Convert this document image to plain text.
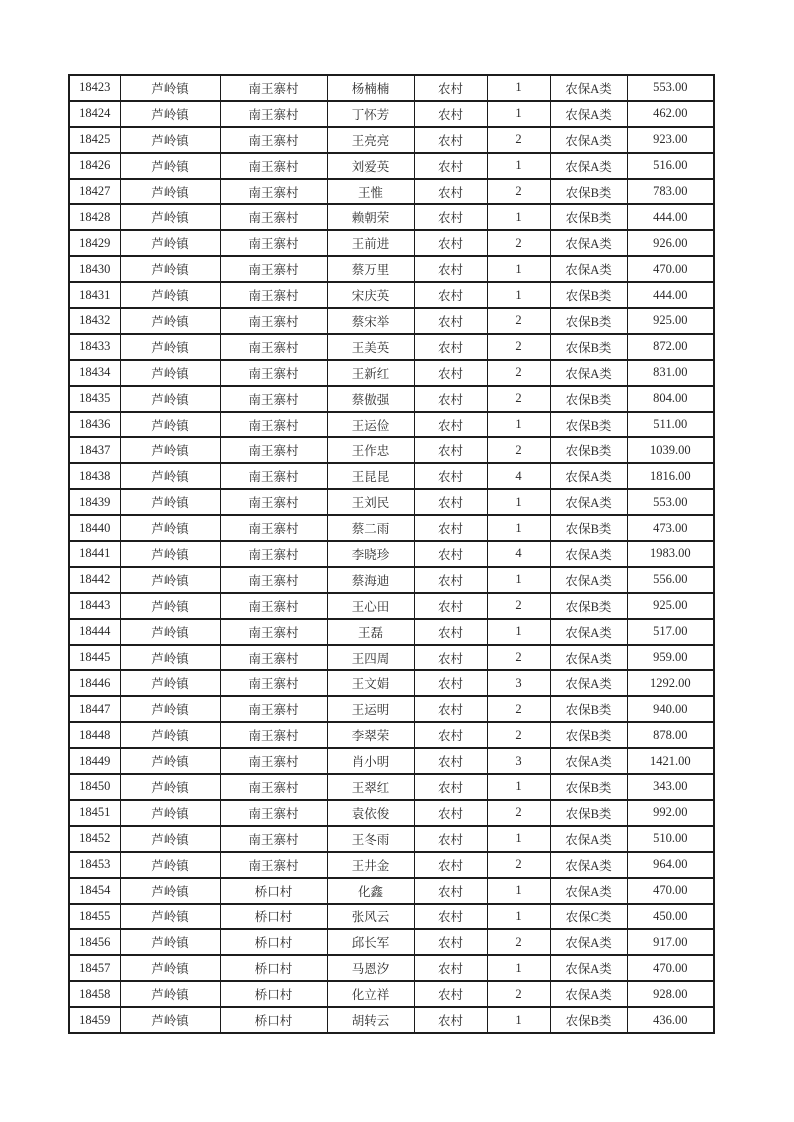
18423	芦岭镇	南王寨村	杨楠楠	农村	1	农保A类	553.00
18424	芦岭镇	南王寨村	丁怀芳	农村	1	农保A类	462.00
18425	芦岭镇	南王寨村	王亮亮	农村	2	农保A类	923.00
18426	芦岭镇	南王寨村	刘爱英	农村	1	农保A类	516.00
18427	芦岭镇	南王寨村	王惟	农村	2	农保B类	783.00
18428	芦岭镇	南王寨村	赖朝荣	农村	1	农保B类	444.00
18429	芦岭镇	南王寨村	王前进	农村	2	农保A类	926.00
18430	芦岭镇	南王寨村	蔡万里	农村	1	农保A类	470.00
18431	芦岭镇	南王寨村	宋庆英	农村	1	农保B类	444.00
18432	芦岭镇	南王寨村	蔡宋举	农村	2	农保B类	925.00
18433	芦岭镇	南王寨村	王美英	农村	2	农保B类	872.00
18434	芦岭镇	南王寨村	王新红	农村	2	农保A类	831.00
18435	芦岭镇	南王寨村	蔡傲强	农村	2	农保B类	804.00
18436	芦岭镇	南王寨村	王运俭	农村	1	农保B类	511.00
18437	芦岭镇	南王寨村	王作忠	农村	2	农保B类	1039.00
18438	芦岭镇	南王寨村	王昆昆	农村	4	农保A类	1816.00
18439	芦岭镇	南王寨村	王刘民	农村	1	农保A类	553.00
18440	芦岭镇	南王寨村	蔡二雨	农村	1	农保B类	473.00
18441	芦岭镇	南王寨村	李晓珍	农村	4	农保A类	1983.00
18442	芦岭镇	南王寨村	蔡海迪	农村	1	农保A类	556.00
18443	芦岭镇	南王寨村	王心田	农村	2	农保B类	925.00
18444	芦岭镇	南王寨村	王磊	农村	1	农保A类	517.00
18445	芦岭镇	南王寨村	王四周	农村	2	农保A类	959.00
18446	芦岭镇	南王寨村	王文娟	农村	3	农保A类	1292.00
18447	芦岭镇	南王寨村	王运明	农村	2	农保B类	940.00
18448	芦岭镇	南王寨村	李翠荣	农村	2	农保B类	878.00
18449	芦岭镇	南王寨村	肖小明	农村	3	农保A类	1421.00
18450	芦岭镇	南王寨村	王翠红	农村	1	农保B类	343.00
18451	芦岭镇	南王寨村	袁依俊	农村	2	农保B类	992.00
18452	芦岭镇	南王寨村	王冬雨	农村	1	农保A类	510.00
18453	芦岭镇	南王寨村	王井金	农村	2	农保A类	964.00
18454	芦岭镇	桥口村	化鑫	农村	1	农保A类	470.00
18455	芦岭镇	桥口村	张风云	农村	1	农保C类	450.00
18456	芦岭镇	桥口村	邱长军	农村	2	农保A类	917.00
18457	芦岭镇	桥口村	马恩汐	农村	1	农保A类	470.00
18458	芦岭镇	桥口村	化立祥	农村	2	农保A类	928.00
18459	芦岭镇	桥口村	胡转云	农村	1	农保B类	436.00
